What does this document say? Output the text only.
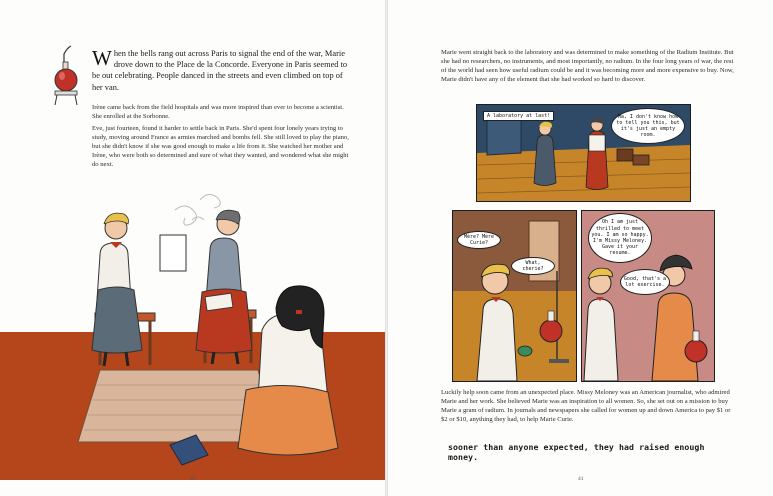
When the bells rang out across Paris to signal the end of the war, Marie drove down to the Place de la Concorde. Everyone in Paris seemed to be out celebrating. People danced in the streets and even climbed on top of her van.

Irène came back from the field hospitals and was more inspired than ever to become a scientist. She enrolled at the Sorbonne.

Eve, just fourteen, found it harder to settle back in Paris. She'd spent four lonely years trying to study, moving around France as armies marched and bombs fell. She still loved to play the piano, but she didn't know if she was good enough to make a life from it. She watched her mother and Irène, who were both so determined and sure of what they wanted, and wondered what she might do next.

40

Marie went straight back to the laboratory and was determined to make something of the Radium Institute. But she had no researchers, no instruments, and most importantly, no radium. In the four long years of war, the rest of the world had seen how useful radium could be and it was becoming more and more expensive to buy. Now, Marie didn't have any of the element that she had worked so hard to discover.

A laboratory at last!	Ma, I don't know how to tell you this, but it's just an empty room.
Mère? Mère Curie?
What, cherie?
Oh I am just thrilled to meet you. I am so happy. I'm Missy Meloney. Gave it your resume.
Good, that's a lot exercise.

Luckily help soon came from an unexpected place. Missy Meloney was an American journalist, who admired Marie and her work. She believed Marie was an inspiration to all women. So, she set out on a mission to buy Marie a gram of radium. In journals and newspapers she called for women up and down America to pay $1 or $2 or $10, anything they had, to help Marie Curie.

sooner than anyone expected, they had raised enough money.
41
